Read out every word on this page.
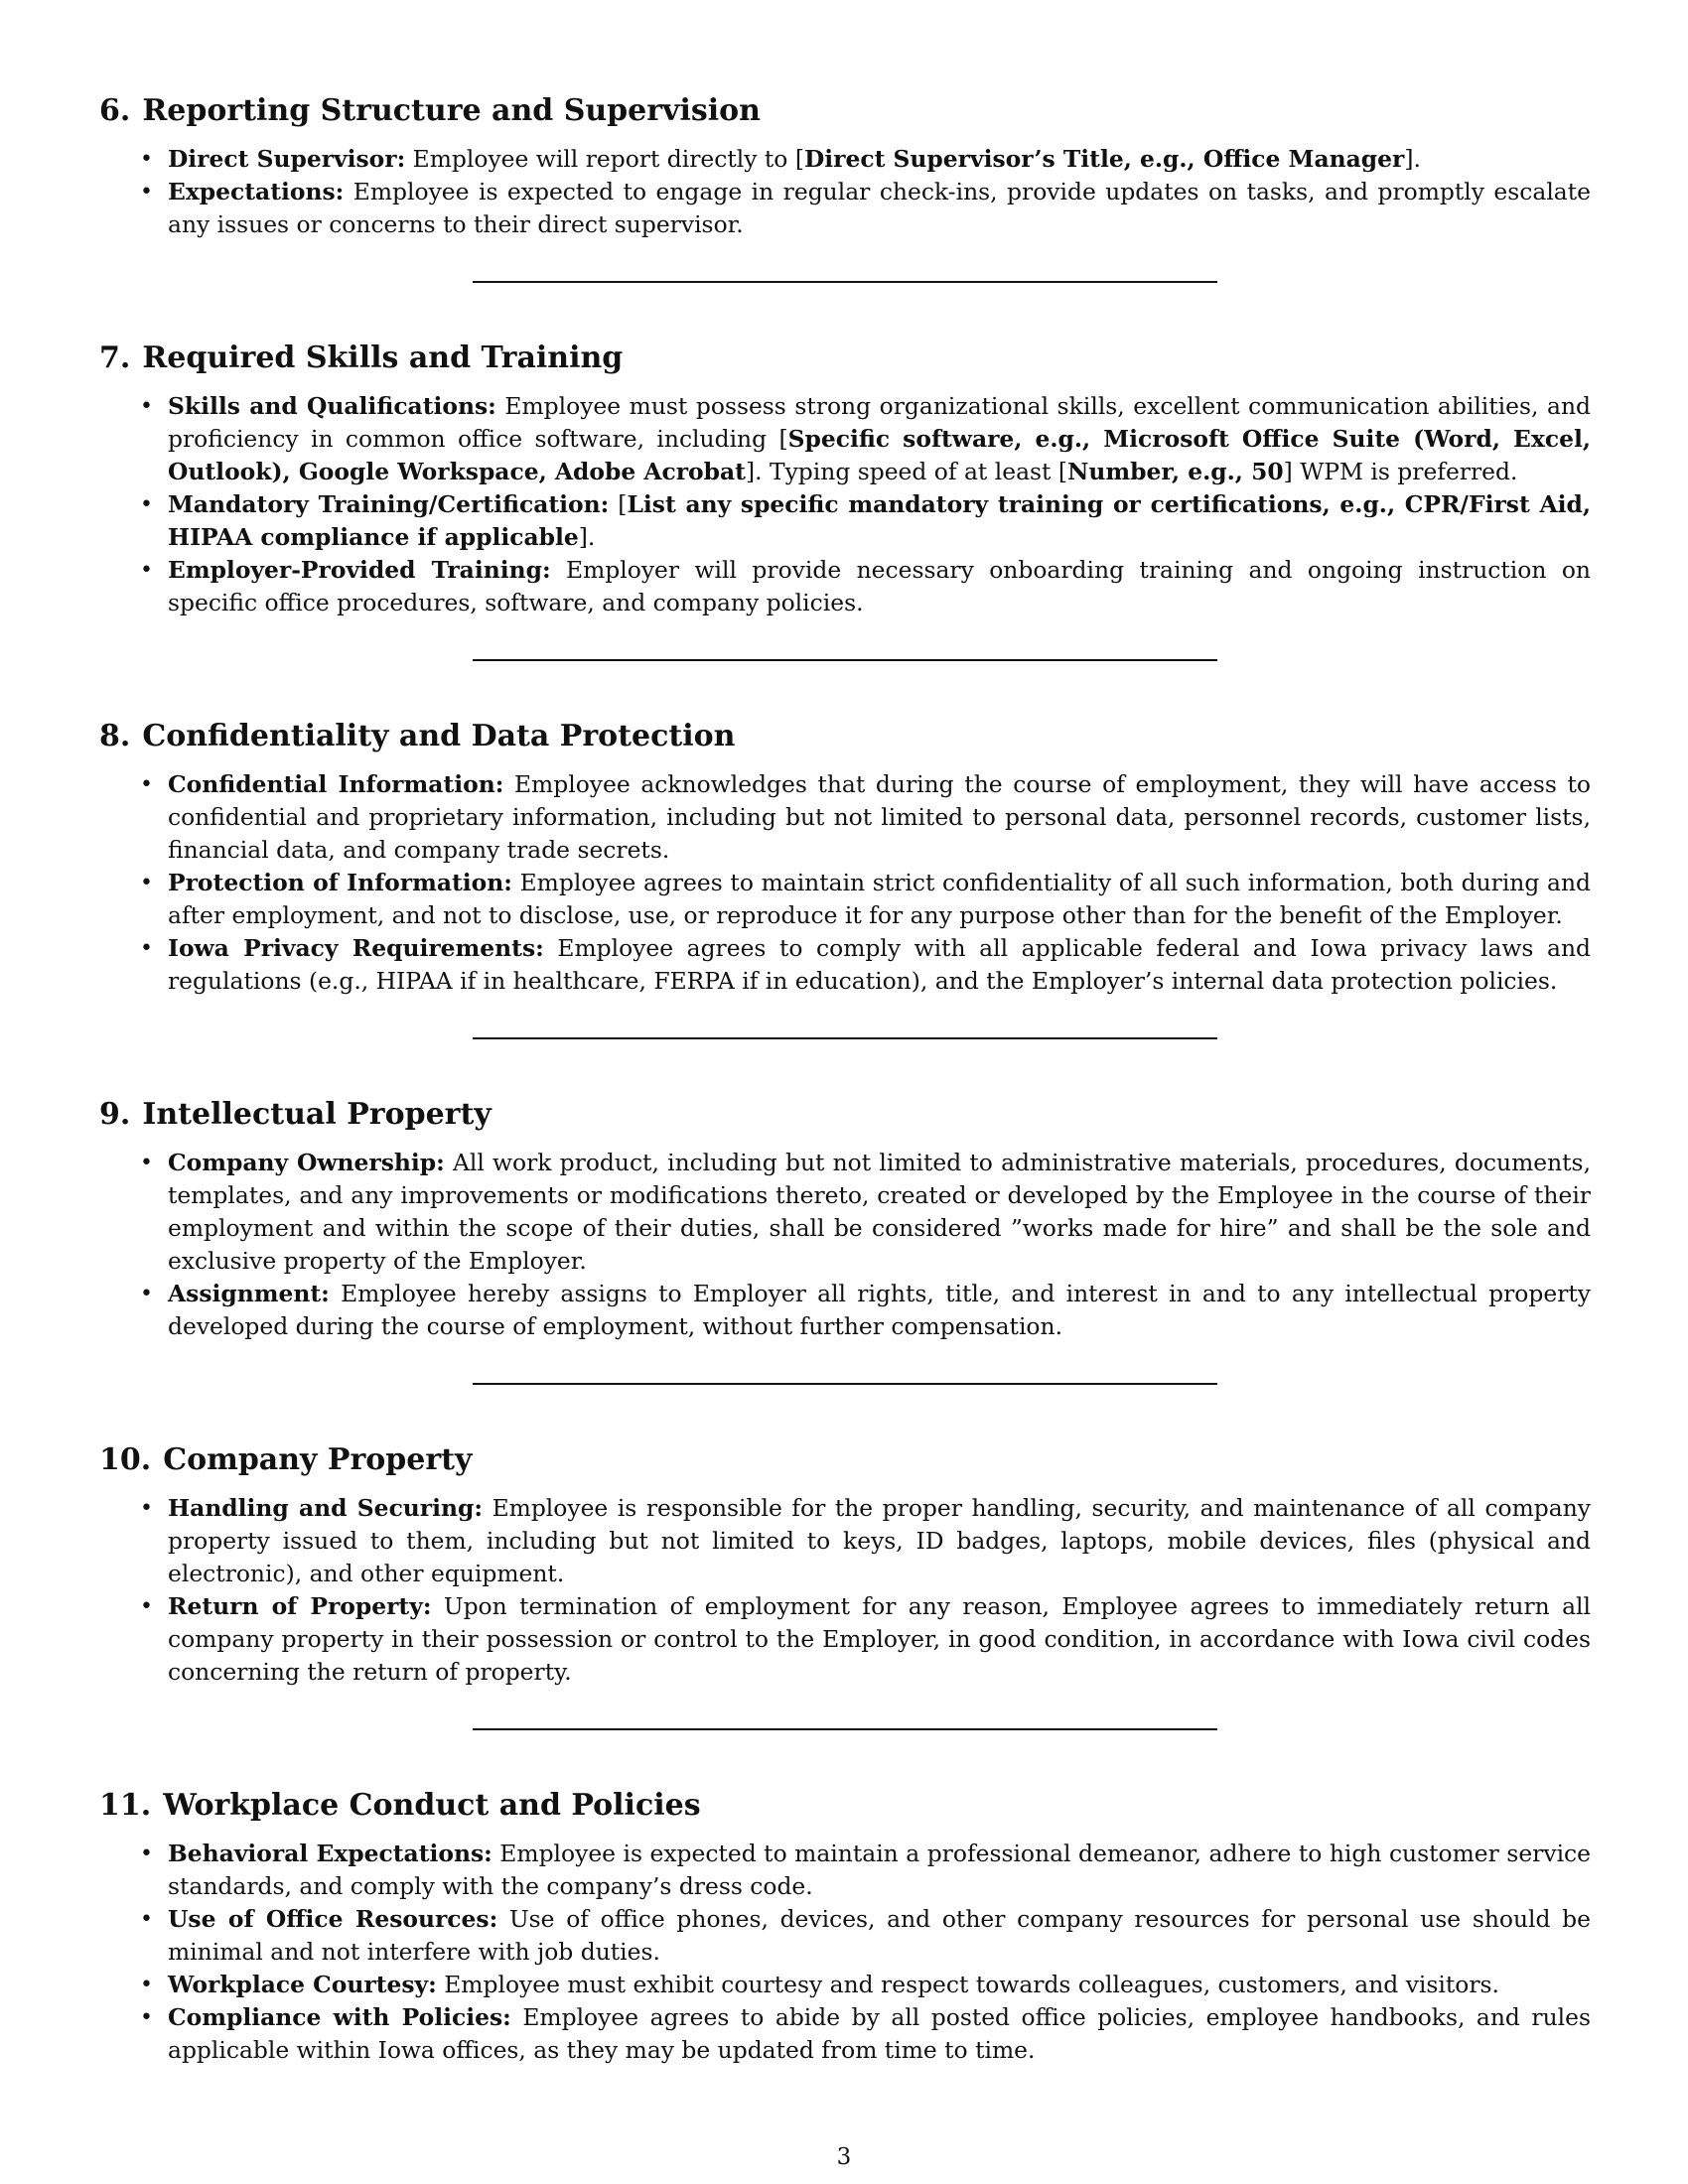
6. Reporting Structure and Supervision
• Direct Supervisor: Employee will report directly to [Direct Supervisor’s Title, e.g., Office Manager].
• Expectations: Employee is expected to engage in regular check-ins, provide updates on tasks, and promptly escalate any issues or concerns to their direct supervisor.
7. Required Skills and Training
• Skills and Qualifications: Employee must possess strong organizational skills, excellent communication abilities, and proficiency in common office software, including [Specific software, e.g., Microsoft Office Suite (Word, Excel, Outlook), Google Workspace, Adobe Acrobat]. Typing speed of at least [Number, e.g., 50] WPM is preferred.
• Mandatory Training/Certification: [List any specific mandatory training or certifications, e.g., CPR/First Aid, HIPAA compliance if applicable].
• Employer-Provided Training: Employer will provide necessary onboarding training and ongoing instruction on specific office procedures, software, and company policies.
8. Confidentiality and Data Protection
• Confidential Information: Employee acknowledges that during the course of employment, they will have access to confidential and proprietary information, including but not limited to personal data, personnel records, customer lists, financial data, and company trade secrets.
• Protection of Information: Employee agrees to maintain strict confidentiality of all such information, both during and after employment, and not to disclose, use, or reproduce it for any purpose other than for the benefit of the Employer.
• Iowa Privacy Requirements: Employee agrees to comply with all applicable federal and Iowa privacy laws and regulations (e.g., HIPAA if in healthcare, FERPA if in education), and the Employer’s internal data protection policies.
9. Intellectual Property
• Company Ownership: All work product, including but not limited to administrative materials, procedures, documents, templates, and any improvements or modifications thereto, created or developed by the Employee in the course of their employment and within the scope of their duties, shall be considered ”works made for hire” and shall be the sole and exclusive property of the Employer.
• Assignment: Employee hereby assigns to Employer all rights, title, and interest in and to any intellectual property developed during the course of employment, without further compensation.
10. Company Property
• Handling and Securing: Employee is responsible for the proper handling, security, and maintenance of all company property issued to them, including but not limited to keys, ID badges, laptops, mobile devices, files (physical and electronic), and other equipment.
• Return of Property: Upon termination of employment for any reason, Employee agrees to immediately return all company property in their possession or control to the Employer, in good condition, in accordance with Iowa civil codes concerning the return of property.
11. Workplace Conduct and Policies
• Behavioral Expectations: Employee is expected to maintain a professional demeanor, adhere to high customer service standards, and comply with the company’s dress code.
• Use of Office Resources: Use of office phones, devices, and other company resources for personal use should be minimal and not interfere with job duties.
• Workplace Courtesy: Employee must exhibit courtesy and respect towards colleagues, customers, and visitors.
• Compliance with Policies: Employee agrees to abide by all posted office policies, employee handbooks, and rules applicable within Iowa offices, as they may be updated from time to time.
3
